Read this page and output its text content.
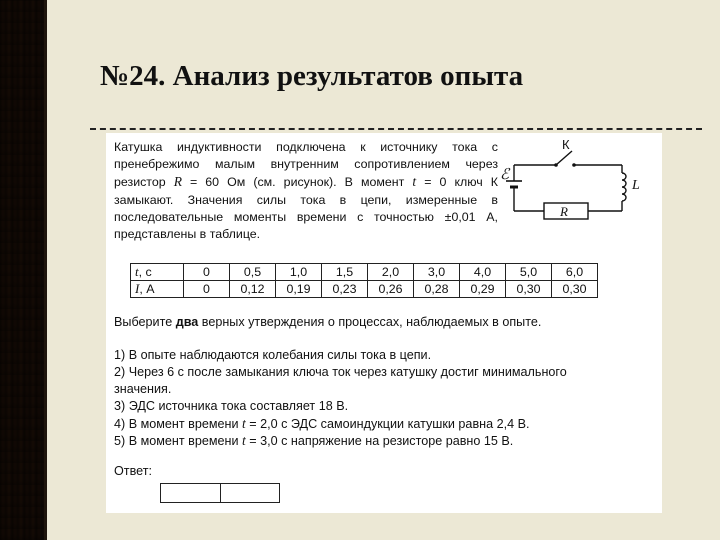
№24. Анализ результатов опыта
Катушка индуктивности подключена к источнику тока с пренебрежимо малым внутренним сопротивлением через резистор R = 60 Ом (см. рисунок). В момент t = 0 ключ К замыкают. Значения силы тока в цепи, измеренные в последовательные моменты времени с точностью ±0,01 А, представлены в таблице.
К
ℰ
L
R
t, с	0	0,5	1,0	1,5	2,0	3,0	4,0	5,0	6,0
I, А	0	0,12	0,19	0,23	0,26	0,28	0,29	0,30	0,30
Выберите два верных утверждения о процессах, наблюдаемых в опыте.
1) В опыте наблюдаются колебания силы тока в цепи.
2) Через 6 с после замыкания ключа ток через катушку достиг минимального
значения.
3) ЭДС источника тока составляет 18 В.
4) В момент времени t = 2,0 с ЭДС самоиндукции катушки равна 2,4 В.
5) В момент времени t = 3,0 с напряжение на резисторе равно 15 В.
Ответ:
